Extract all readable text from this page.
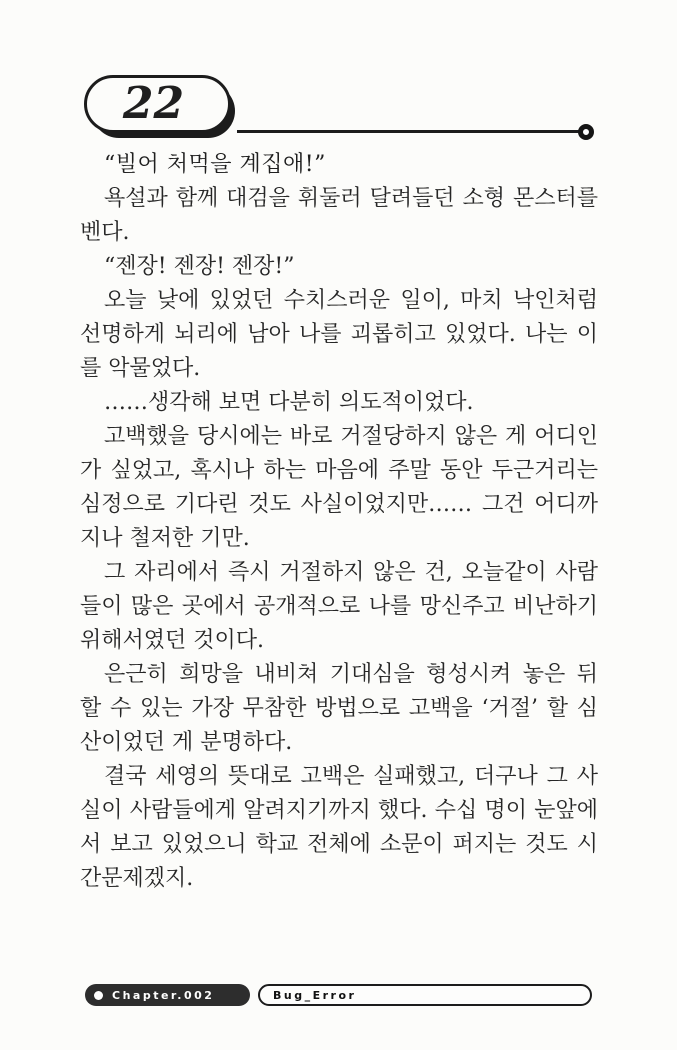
22

“빌어 처먹을 계집애!”

욕설과 함께 대검을 휘둘러 달려들던 소형 몬스터를 벤다.

“젠장! 젠장! 젠장!”

오늘 낮에 있었던 수치스러운 일이, 마치 낙인처럼 선명하게 뇌리에 남아 나를 괴롭히고 있었다. 나는 이를 악물었다.

……생각해 보면 다분히 의도적이었다.

고백했을 당시에는 바로 거절당하지 않은 게 어디인가 싶었고, 혹시나 하는 마음에 주말 동안 두근거리는 심정으로 기다린 것도 사실이었지만…… 그건 어디까지나 철저한 기만.

그 자리에서 즉시 거절하지 않은 건, 오늘같이 사람들이 많은 곳에서 공개적으로 나를 망신주고 비난하기 위해서였던 것이다.

은근히 희망을 내비쳐 기대심을 형성시켜 놓은 뒤 할 수 있는 가장 무참한 방법으로 고백을 ‘거절’ 할 심산이었던 게 분명하다.

결국 세영의 뜻대로 고백은 실패했고, 더구나 그 사실이 사람들에게 알려지기까지 했다. 수십 명이 눈앞에서 보고 있었으니 학교 전체에 소문이 퍼지는 것도 시간문제겠지.

Chapter.002	Bug_Error
